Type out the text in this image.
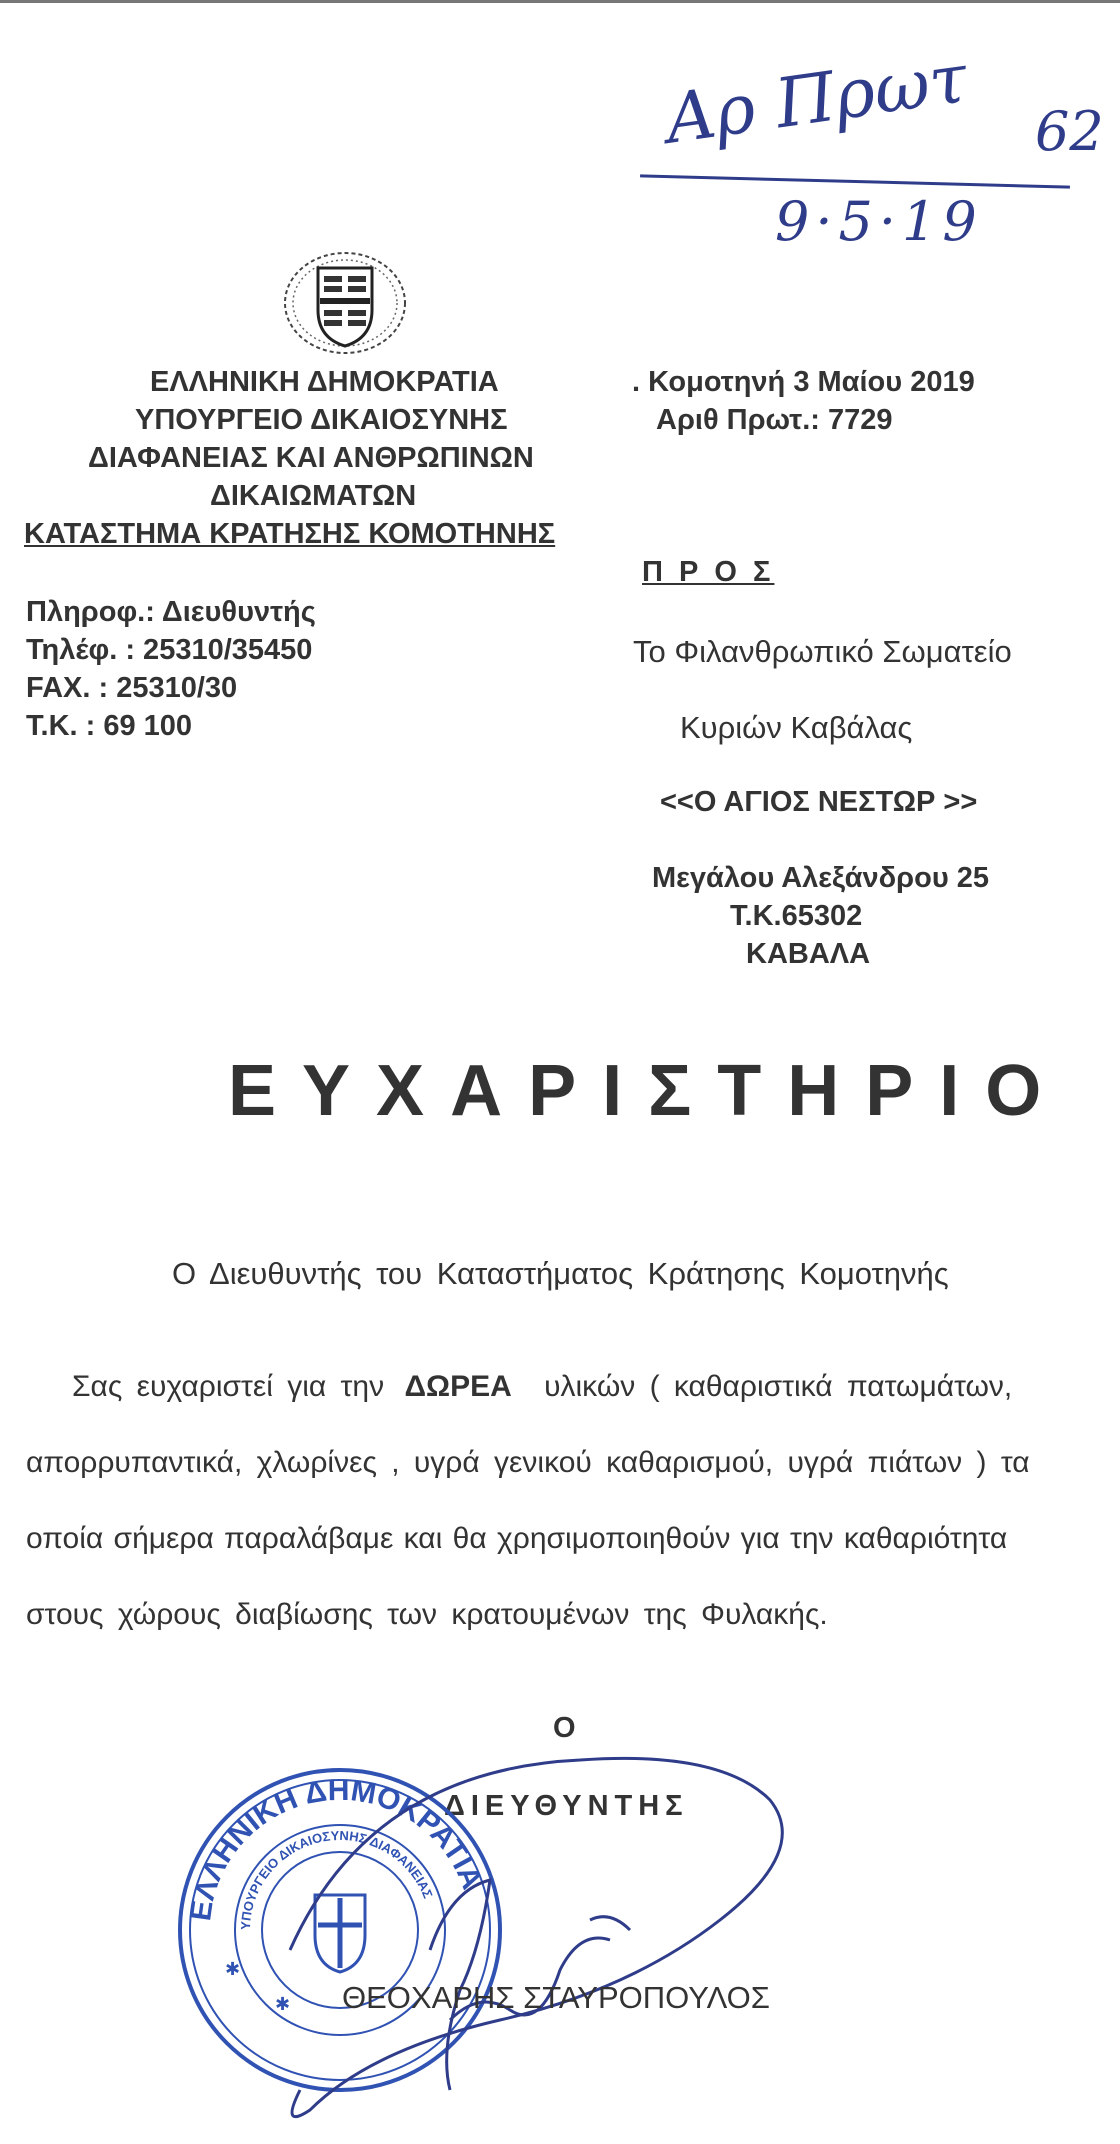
Αρ Πρωτ 62
9·5·19
ΕΛΛΗΝΙΚΗ ΔΗΜΟΚΡΑΤΙΑ
ΥΠΟΥΡΓΕΙΟ ΔΙΚΑΙΟΣΥΝΗΣ
ΔΙΑΦΑΝΕΙΑΣ ΚΑΙ ΑΝΘΡΩΠΙΝΩΝ
ΔΙΚΑΙΩΜΑΤΩΝ
ΚΑΤΑΣΤΗΜΑ ΚΡΑΤΗΣΗΣ ΚΟΜΟΤΗΝΗΣ
. Κομοτηνή 3 Μαίου 2019
Αριθ Πρωτ.: 7729
Πληροφ.: Διευθυντής
Τηλέφ. : 25310/35450
FAX. : 25310/30
Τ.Κ. : 69 100
Π Ρ Ο Σ
Το Φιλανθρωπικό Σωματείο
Κυριών Καβάλας
<<Ο ΑΓΙΟΣ ΝΕΣΤΩΡ >>
Μεγάλου Αλεξάνδρου 25
Τ.Κ.65302
ΚΑΒΑΛΑ
ΕΥΧΑΡΙΣΤΗΡΙΟ
Ο Διευθυντής του Καταστήματος Κράτησης Κομοτηνής
Σας ευχαριστεί για την ΔΩΡΕΑ υλικών ( καθαριστικά πατωμάτων,
απορρυπαντικά, χλωρίνες , υγρά γενικού καθαρισμού, υγρά πιάτων ) τα
οποία σήμερα παραλάβαμε και θα χρησιμοποιηθούν για την καθαριότητα
στους χώρους διαβίωσης των κρατουμένων της Φυλακής.
Ο
ΔΙΕΥΘΥΝΤΗΣ
ΕΛΛΗΝΙΚΗ ΔΗΜΟΚΡΑΤΙΑ
ΥΠΟΥΡΓΕΙΟ ΔΙΚΑΙΟΣΥΝΗΣ ΔΙΑΦΑΝΕΙΑΣ
✱
✱
ΘΕΟΧΑΡΗΣ ΣΤΑΥΡΟΠΟΥΛΟΣ
